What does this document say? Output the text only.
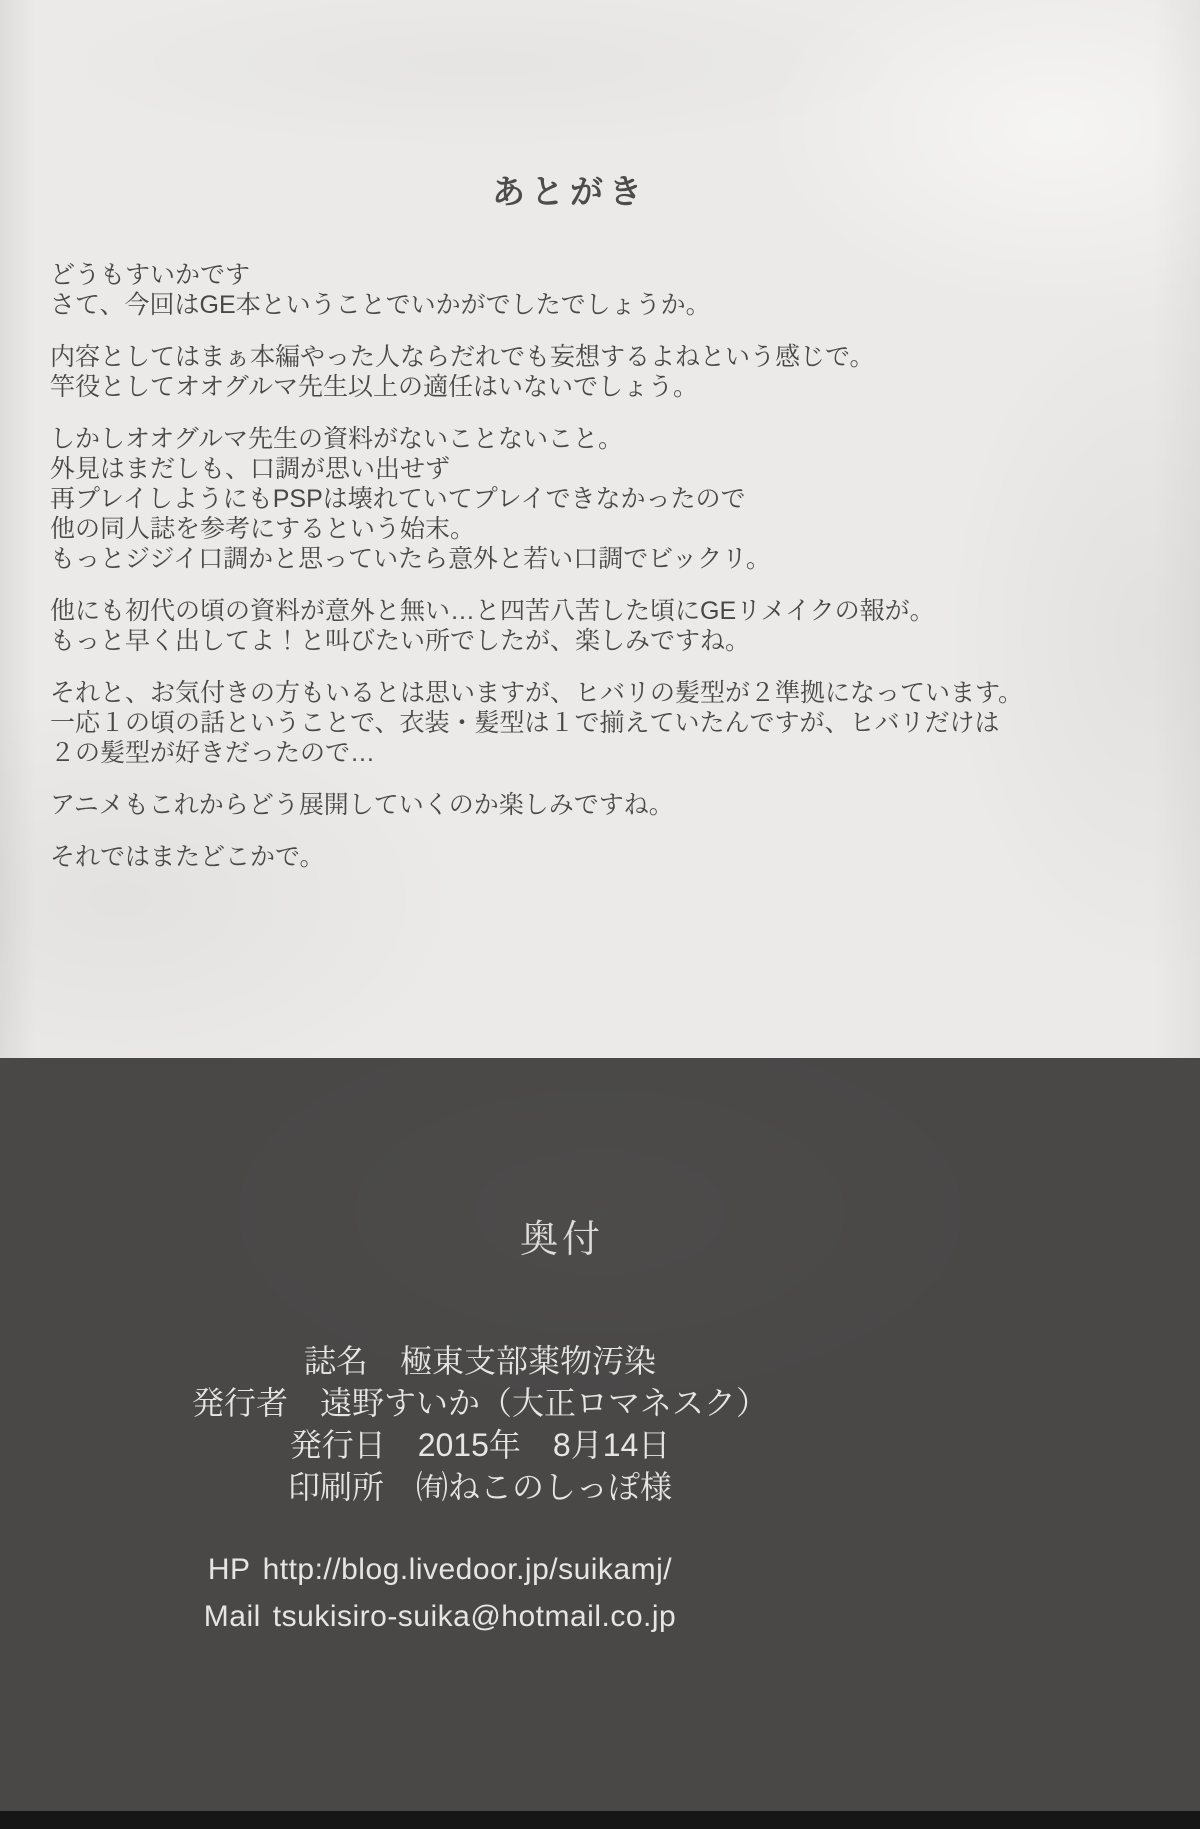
あとがき
どうもすいかです
さて、今回はGE本ということでいかがでしたでしょうか。
内容としてはまぁ本編やった人ならだれでも妄想するよねという感じで。
竿役としてオオグルマ先生以上の適任はいないでしょう。
しかしオオグルマ先生の資料がないことないこと。
外見はまだしも、口調が思い出せず
再プレイしようにもPSPは壊れていてプレイできなかったので
他の同人誌を参考にするという始末。
もっとジジイ口調かと思っていたら意外と若い口調でビックリ。
他にも初代の頃の資料が意外と無い…と四苦八苦した頃にGEリメイクの報が。
もっと早く出してよ！と叫びたい所でしたが、楽しみですね。
それと、お気付きの方もいるとは思いますが、ヒバリの髪型が２準拠になっています。
一応１の頃の話ということで、衣装・髪型は１で揃えていたんですが、ヒバリだけは
２の髪型が好きだったので…
アニメもこれからどう展開していくのか楽しみですね。
それではまたどこかで。
奥付
誌名 極東支部薬物汚染
発行者 遠野すいか（大正ロマネスク）
発行日 2015年　8月14日
印刷所 ㈲ねこのしっぽ様
HP http://blog.livedoor.jp/suikamj/
Mail tsukisiro-suika@hotmail.co.jp
